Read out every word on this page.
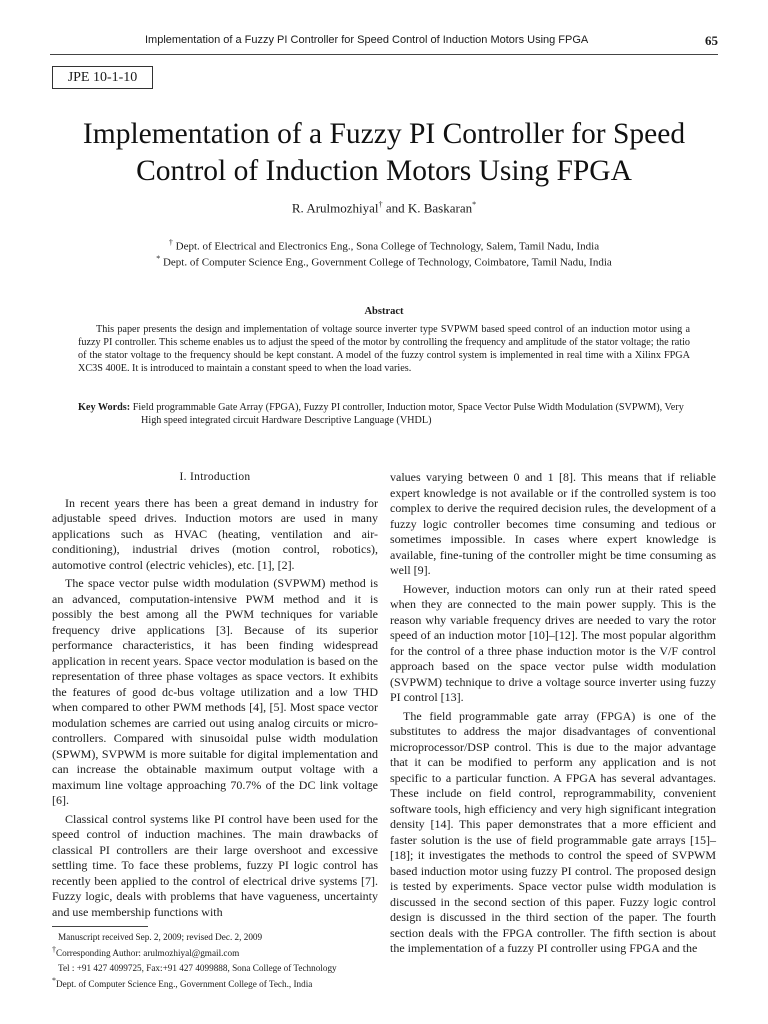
Implementation of a Fuzzy PI Controller for Speed Control of Induction Motors Using FPGA	65
JPE 10-1-10
Implementation of a Fuzzy PI Controller for Speed
Control of Induction Motors Using FPGA
R. Arulmozhiyal† and K. Baskaran*
† Dept. of Electrical and Electronics Eng., Sona College of Technology, Salem, Tamil Nadu, India
* Dept. of Computer Science Eng., Government College of Technology, Coimbatore, Tamil Nadu, India
Abstract
This paper presents the design and implementation of voltage source inverter type SVPWM based speed control of an induction motor using a fuzzy PI controller. This scheme enables us to adjust the speed of the motor by controlling the frequency and amplitude of the stator voltage; the ratio of the stator voltage to the frequency should be kept constant. A model of the fuzzy control system is implemented in real time with a Xilinx FPGA XC3S 400E. It is introduced to maintain a constant speed to when the load varies.
Key Words: Field programmable Gate Array (FPGA), Fuzzy PI controller, Induction motor, Space Vector Pulse Width Modulation (SVPWM), Very High speed integrated circuit Hardware Descriptive Language (VHDL)
I. Introduction

In recent years there has been a great demand in industry for adjustable speed drives. Induction motors are used in many applications such as HVAC (heating, ventilation and air-conditioning), industrial drives (motion control, robotics), automotive control (electric vehicles), etc. [1], [2].

The space vector pulse width modulation (SVPWM) method is an advanced, computation-intensive PWM method and it is possibly the best among all the PWM techniques for variable frequency drive applications [3]. Because of its superior performance characteristics, it has been finding widespread application in recent years. Space vector modulation is based on the representation of three phase voltages as space vectors. It exhibits the features of good dc-bus voltage utilization and a low THD when compared to other PWM methods [4], [5]. Most space vector modulation schemes are carried out using analog circuits or micro-controllers. Compared with sinusoidal pulse width modulation (SPWM), SVPWM is more suitable for digital implementation and can increase the obtainable maximum output voltage with a maximum line voltage approaching 70.7% of the DC link voltage [6].

Classical control systems like PI control have been used for the speed control of induction machines. The main drawbacks of classical PI controllers are their large overshoot and excessive settling time. To face these problems, fuzzy PI logic control has recently been applied to the control of electrical drive systems [7]. Fuzzy logic, deals with problems that have vagueness, uncertainty and use membership functions with

values varying between 0 and 1 [8]. This means that if reliable expert knowledge is not available or if the controlled system is too complex to derive the required decision rules, the development of a fuzzy logic controller becomes time consuming and tedious or sometimes impossible. In cases where expert knowledge is available, fine-tuning of the controller might be time consuming as well [9].

However, induction motors can only run at their rated speed when they are connected to the main power supply. This is the reason why variable frequency drives are needed to vary the rotor speed of an induction motor [10]–[12]. The most popular algorithm for the control of a three phase induction motor is the V/F control approach based on the space vector pulse width modulation (SVPWM) technique to drive a voltage source inverter using fuzzy PI control [13].

The field programmable gate array (FPGA) is one of the substitutes to address the major disadvantages of conventional microprocessor/DSP control. This is due to the major advantage that it can be modified to perform any application and is not specific to a particular function. A FPGA has several advantages. These include on field control, reprogrammability, convenient software tools, high efficiency and very high significant integration density [14]. This paper demonstrates that a more efficient and faster solution is the use of field programmable gate arrays [15]–[18]; it investigates the methods to control the speed of SVPWM based induction motor using fuzzy PI control. The proposed design is tested by experiments. Space vector pulse width modulation is discussed in the second section of this paper. Fuzzy logic control design is discussed in the third section of the paper. The fourth section deals with the FPGA controller. The fifth section is about the implementation of a fuzzy PI controller using FPGA and the

Manuscript received Sep. 2, 2009; revised Dec. 2, 2009
†Corresponding Author: arulmozhiyal@gmail.com
Tel : +91 427 4099725, Fax:+91 427 4099888, Sona College of Technology
*Dept. of Computer Science Eng., Government College of Tech., India
